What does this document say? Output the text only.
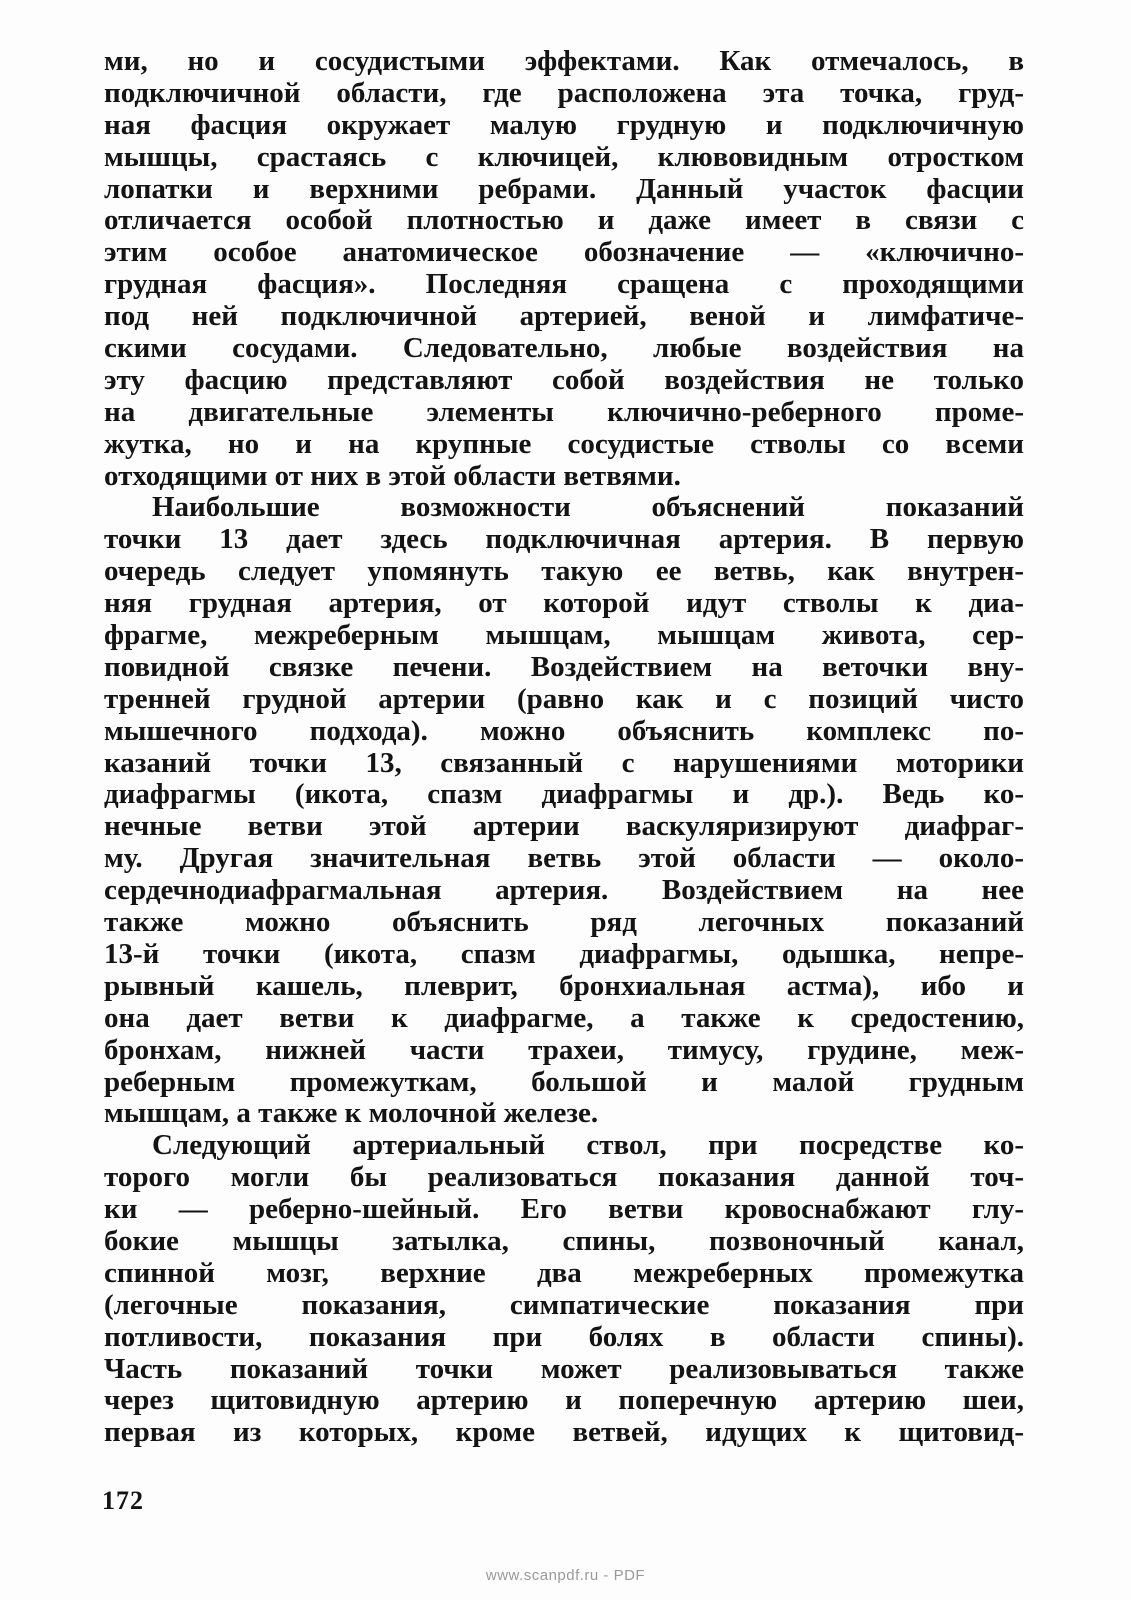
ми, но и сосудистыми эффектами. Как отмечалось, в
подключичной области, где расположена эта точка, груд-
ная фасция окружает малую грудную и подключичную
мышцы, срастаясь с ключицей, клювовидным отростком
лопатки и верхними ребрами. Данный участок фасции
отличается особой плотностью и даже имеет в связи с
этим особое анатомическое обозначение — «ключично-
грудная фасция». Последняя сращена с проходящими
под ней подключичной артерией, веной и лимфатиче-
скими сосудами. Следовательно, любые воздействия на
эту фасцию представляют собой воздействия не только
на двигательные элементы ключично-реберного проме-
жутка, но и на крупные сосудистые стволы со всеми
отходящими от них в этой области ветвями.
Наибольшие возможности объяснений показаний
точки 13 дает здесь подключичная артерия. В первую
очередь следует упомянуть такую ее ветвь, как внутрен-
няя грудная артерия, от которой идут стволы к диа-
фрагме, межреберным мышцам, мышцам живота, сер-
повидной связке печени. Воздействием на веточки вну-
тренней грудной артерии (равно как и с позиций чисто
мышечного подхода). можно объяснить комплекс по-
казаний точки 13, связанный с нарушениями моторики
диафрагмы (икота, спазм диафрагмы и др.). Ведь ко-
нечные ветви этой артерии васкуляризируют диафраг-
му. Другая значительная ветвь этой области — около-
сердечнодиафрагмальная артерия. Воздействием на нее
также можно объяснить ряд легочных показаний
13-й точки (икота, спазм диафрагмы, одышка, непре-
рывный кашель, плеврит, бронхиальная астма), ибо и
она дает ветви к диафрагме, а также к средостению,
бронхам, нижней части трахеи, тимусу, грудине, меж-
реберным промежуткам, большой и малой грудным
мышцам, а также к молочной железе.
Следующий артериальный ствол, при посредстве ко-
торого могли бы реализоваться показания данной точ-
ки — реберно-шейный. Его ветви кровоснабжают глу-
бокие мышцы затылка, спины, позвоночный канал,
спинной мозг, верхние два межреберных промежутка
(легочные показания, симпатические показания при
потливости, показания при болях в области спины).
Часть показаний точки может реализовываться также
через щитовидную артерию и поперечную артерию шеи,
первая из которых, кроме ветвей, идущих к щитовид-
172
www.scanpdf.ru - PDF
